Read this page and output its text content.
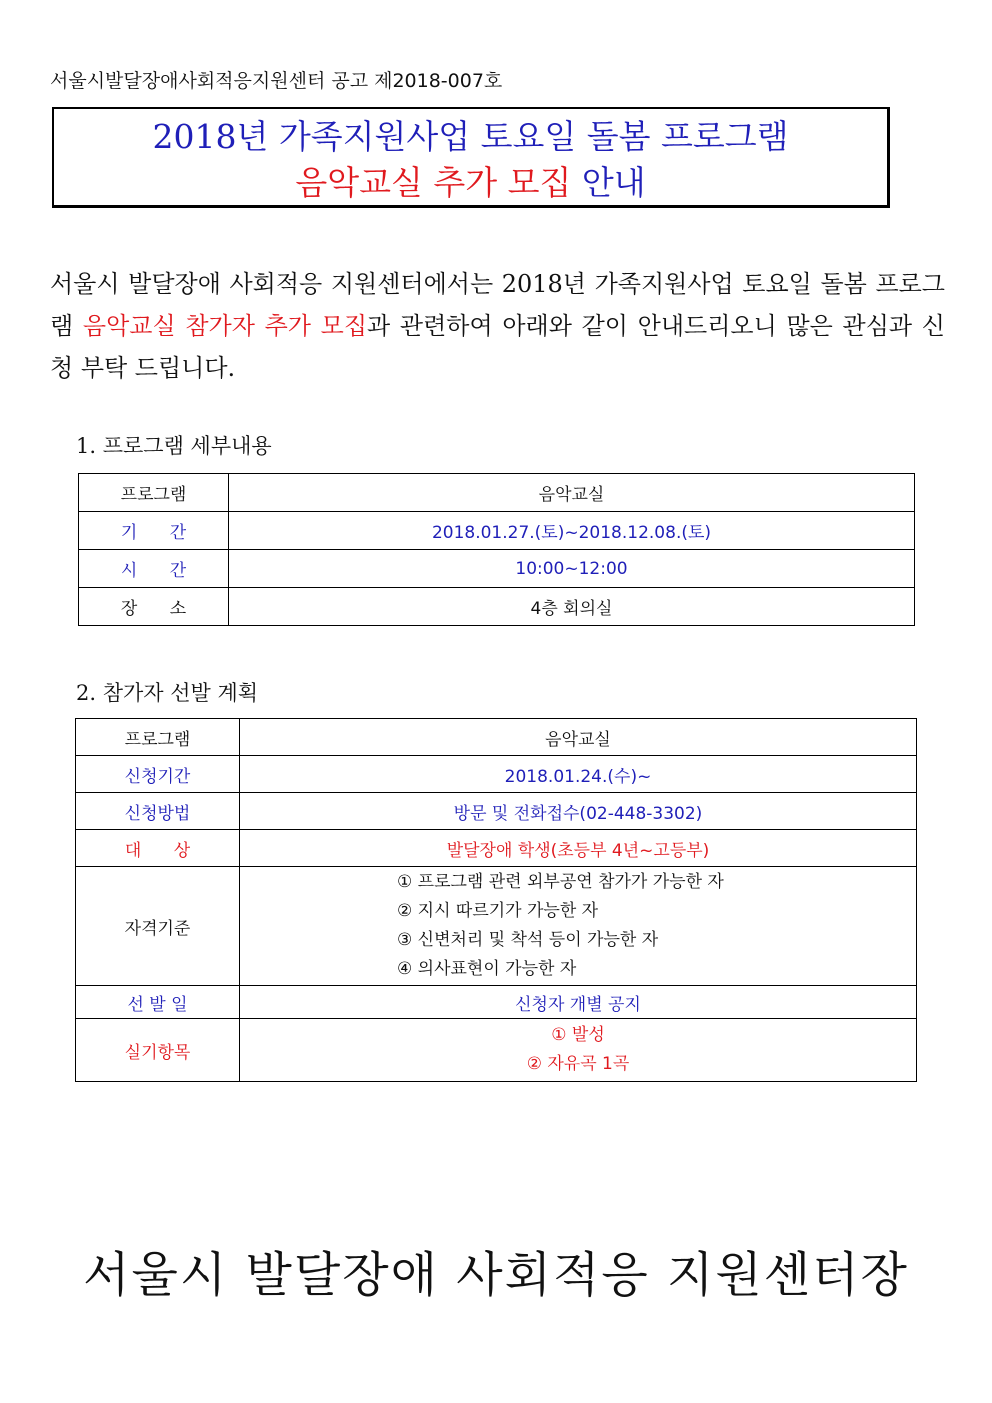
서울시발달장애사회적응지원센터 공고 제2018-007호
2018년 가족지원사업 토요일 돌봄 프로그램
음악교실 추가 모집 안내
서울시 발달장애 사회적응 지원센터에서는 2018년 가족지원사업 토요일 돌봄 프로그램 음악교실 참가자 추가 모집과 관련하여 아래와 같이 안내드리오니 많은 관심과 신청 부탁 드립니다.
1. 프로그램 세부내용
프로그램	음악교실
기      간	2018.01.27.(토)~2018.12.08.(토)
시      간	10:00~12:00
장      소	4층 회의실
2. 참가자 선발 계획
프로그램	음악교실
신청기간	2018.01.24.(수)~
신청방법	방문 및 전화접수(02-448-3302)
대      상	발달장애 학생(초등부 4년~고등부)
자격기준	① 프로그램 관련 외부공연 참가가 가능한 자
② 지시 따르기가 가능한 자
③ 신변처리 및 착석 등이 가능한 자
④ 의사표현이 가능한 자

선 발 일	신청자 개별 공지
실기항목	① 발성
② 자유곡 1곡
서울시 발달장애 사회적응 지원센터장
